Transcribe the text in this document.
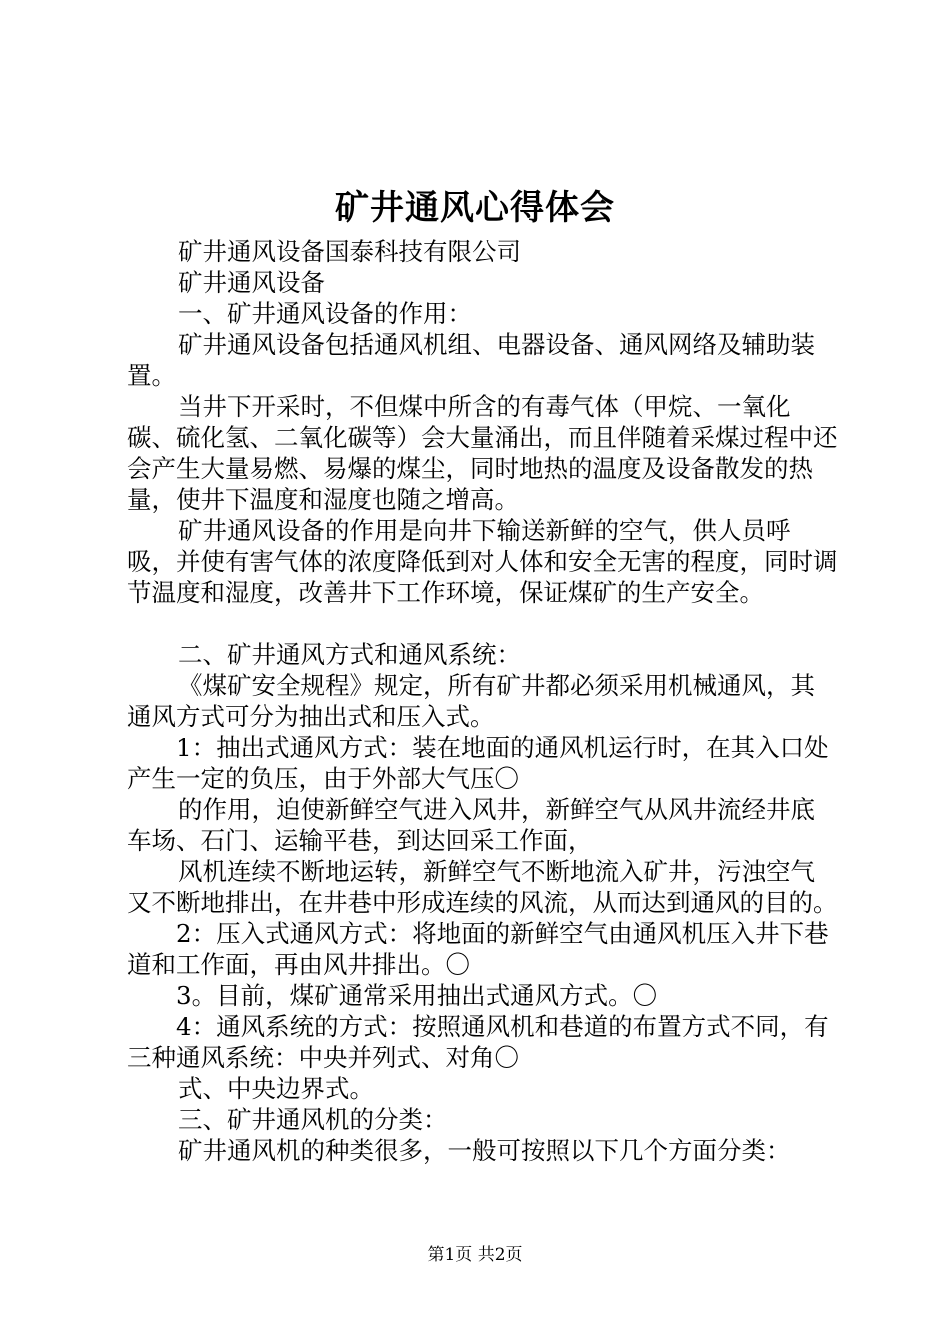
矿井通风心得体会

矿井通风设备国泰科技有限公司

矿井通风设备

一、矿井通风设备的作用：

矿井通风设备包括通风机组、电器设备、通风网络及辅助装置。

当井下开采时，不但煤中所含的有毒气体（甲烷、一氧化碳、硫化氢、二氧化碳等）会大量涌出，而且伴随着采煤过程中还会产生大量易燃、易爆的煤尘，同时地热的温度及设备散发的热量，使井下温度和湿度也随之增高。

矿井通风设备的作用是向井下输送新鲜的空气，供人员呼吸，并使有害气体的浓度降低到对人体和安全无害的程度，同时调节温度和湿度，改善井下工作环境，保证煤矿的生产安全。

二、矿井通风方式和通风系统：

《煤矿安全规程》规定，所有矿井都必须采用机械通风，其通风方式可分为抽出式和压入式。

1：抽出式通风方式：装在地面的通风机运行时，在其入口处产生一定的负压，由于外部大气压〇

的作用，迫使新鲜空气进入风井，新鲜空气从风井流经井底车场、石门、运输平巷，到达回采工作面，

风机连续不断地运转，新鲜空气不断地流入矿井，污浊空气又不断地排出，在井巷中形成连续的风流，从而达到通风的目的。

2：压入式通风方式：将地面的新鲜空气由通风机压入井下巷道和工作面，再由风井排出。〇

3。目前，煤矿通常采用抽出式通风方式。〇

4：通风系统的方式：按照通风机和巷道的布置方式不同，有三种通风系统：中央并列式、对角〇

式、中央边界式。

三、矿井通风机的分类：

矿井通风机的种类很多，一般可按照以下几个方面分类：

第1页 共2页
